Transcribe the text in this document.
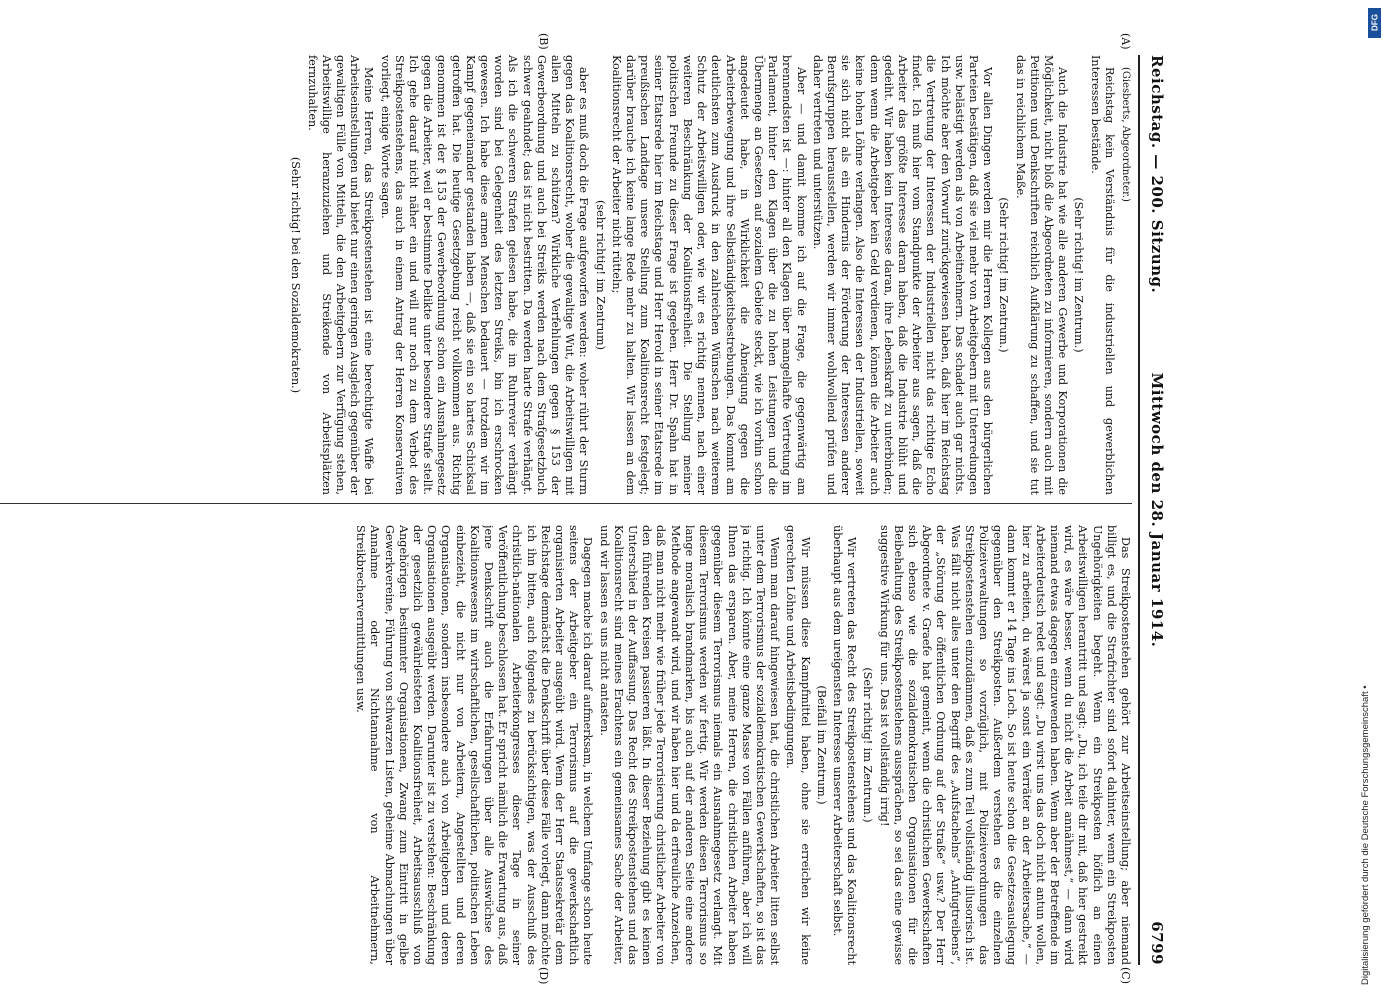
Reichstag. — 200. Sitzung.
Mittwoch den 28. Januar 1914.
6799
(A)
(B)
(C)
(D)

(Giesberts, Abgeordneter.)

Reichstag kein Verständnis für die industriellen und gewerblichen Interessen bestände.

(Sehr richtig! im Zentrum.)

Auch die Industrie hat wie alle anderen Gewerbe und Korporationen die Möglichkeit, nicht bloß die Abgeordneten zu informieren, sondern auch mit Petitionen und Denkschriften reichlich Aufklärung zu schaffen, und sie tut das in reichlichem Maße.

(Sehr richtig! im Zentrum.)

Vor allen Dingen werden mir die Herren Kollegen aus den bürgerlichen Parteien bestätigen, daß sie viel mehr von Arbeitgebern mit Unterredungen usw. belästigt werden als von Arbeitnehmern. Das schadet auch gar nichts. Ich möchte aber den Vorwurf zurückgewiesen haben, daß hier im Reichstag die Vertretung der Interessen der Industriellen nicht das richtige Echo findet. Ich muß hier vom Standpunkte der Arbeiter aus sagen, daß die Arbeiter das größte Interesse daran haben, daß die Industrie blüht und gedeiht. Wir haben kein Interesse daran, ihre Lebenskraft zu unterbinden; denn wenn die Arbeitgeber kein Geld verdienen, können die Arbeiter auch keine hohen Löhne verlangen. Also die Interessen der Industriellen, soweit sie sich nicht als ein Hindernis der Förderung der Interessen anderer Berufsgruppen herausstellen, werden wir immer wohlwollend prüfen und daher vertreten und unterstützen.

Aber — und damit komme ich auf die Frage, die gegenwärtig am brennendsten ist —: hinter all den Klagen über mangelhafte Vertretung im Parlament, hinter den Klagen über die zu hohen Leistungen und die Übermenge an Gesetzen auf sozialem Gebiete steckt, wie ich vorhin schon angedeutet habe, in Wirklichkeit die Abneigung gegen die Arbeiterbewegung und ihre Selbständigkeitsbestrebungen. Das kommt am deutlichsten zum Ausdruck in den zahlreichen Wünschen nach weiterem Schutz der Arbeitswilligen oder, wie wir es richtig nennen, nach einer weiteren Beschränkung der Koalitionsfreiheit. Die Stellung meiner politischen Freunde zu dieser Frage ist gegeben. Herr Dr. Spahn hat in seiner Etatsrede hier im Reichstage und Herr Herold in seiner Etatsrede im preußischen Landtage unsere Stellung zum Koalitionsrecht festgelegt; darüber brauche ich keine lange Rede mehr zu halten. Wir lassen an dem Koalitionsrecht der Arbeiter nicht rütteln;

(sehr richtig! im Zentrum)

aber es muß doch die Frage aufgeworfen werden: woher rührt der Sturm gegen das Koalitionsrecht, woher die gewaltige Wut, die Arbeitswilligen mit allen Mitteln zu schützen? Wirkliche Verfehlungen gegen § 153 der Gewerbeordnung und auch bei Streiks werden nach dem Strafgesetzbuch schwer geahndet; das ist nicht bestritten. Da werden harte Strafe verhängt. Als ich die schweren Strafen gelesen habe, die im Ruhrrevier verhängt worden sind bei Gelegenheit des letzten Streiks, bin ich erschrocken gewesen. Ich habe diese armen Menschen bedauert — trotzdem wir im Kampf gegeneinander gestanden haben —, daß sie ein so hartes Schicksal getroffen hat. Die heutige Gesetzgebung reicht vollkommen aus. Richtig genommen ist der § 153 der Gewerbeordnung schon ein Ausnahmegesetz gegen die Arbeiter, weil er bestimmte Delikte unter besondere Strafe stellt. Ich gehe darauf nicht näher ein und will nur noch zu dem Verbot des Streikpostenstehens, das auch in einem Antrag der Herren Konservativen vorliegt, einige Worte sagen.

Meine Herren, das Streikpostenstehen ist eine berechtigte Waffe bei Arbeitseinstellungen und bietet nur einen geringen Ausgleich gegenüber der gewaltigen Fülle von Mitteln, die den Arbeitgebern zur Verfügung stehen, Arbeitswillige heranzuziehen und Streikende von Arbeitsplätzen fernzuhalten.

(Sehr richtig! bei den Sozialdemokraten.)

Das Streikpostenstehen gehört zur Arbeitseinstellung; aber niemand billigt es, und die Strafrichter sind sofort dahinter, wenn ein Streikposten Ungehörigkeiten begeht. Wenn ein Streikposten höflich an einen Arbeitswilligen herantritt und sagt: „Du, ich teile dir mit, daß hier gestreikt wird, es wäre besser, wenn du nicht die Arbeit annähmest,“ — dann wird niemand etwas dagegen einzuwenden haben. Wenn aber der Betreffende im Arbeiterdeutsch redet und sagt: „Du wirst uns das doch nicht antun wollen, hier zu arbeiten, du wärest ja sonst ein Verräter an der Arbeitersache,“ — dann kommt er 14 Tage ins Loch. So ist heute schon die Gesetzesauslegung gegenüber den Streikposten. Außerdem verstehen es die einzelnen Polizeiverwaltungen so vorzüglich, mit Polizeiverordnungen das Streikpostenstehen einzudämmen, daß es zum Teil vollständig illusorisch ist. Was fällt nicht alles unter den Begriff des „Aufstachelns“ „Anfugtreibens“, der „Störung der öffentlichen Ordnung auf der Straße“ usw.? Der Herr Abgeordnete v. Graefe hat gemeint, wenn die christlichen Gewerkschaften sich ebenso wie die sozialdemokratischen Organisationen für die Beibehaltung des Streikpostenstehens aussprächen, so sei das eine gewisse suggestive Wirkung für uns. Das ist vollständig irrig!

(Sehr richtig! im Zentrum.)

Wir vertreten das Recht des Streikpostenstehens und das Koalitionsrecht überhaupt aus dem ureigensten Interesse unserer Arbeiterschaft selbst.

(Beifall im Zentrum.)

Wir müssen diese Kampfmittel haben, ohne sie erreichen wir keine gerechten Löhne und Arbeitsbedingungen.

Wenn man darauf hingewiesen hat, die christlichen Arbeiter litten selbst unter dem Terrorismus der sozialdemokratischen Gewerkschaften, so ist das ja richtig. Ich könnte eine ganze Masse von Fällen anführen, aber ich will Ihnen das ersparen. Aber, meine Herren, die christlichen Arbeiter haben gegenüber diesem Terrorismus niemals ein Ausnahmegesetz verlangt. Mit diesem Terrorismus werden wir fertig. Wir werden diesen Terrorismus so lange moralisch brandmarken, bis auch auf der anderen Seite eine andere Methode angewandt wird, und wir haben hier und da erfreuliche Anzeichen, daß man nicht mehr wie früher jede Terrorisierung christlicher Arbeiter von den führenden Kreisen passieren läßt. In dieser Beziehung gibt es keinen Unterschied in der Auffassung. Das Recht des Streikpostenstehens und das Koalitionsrecht sind meines Erachtens ein gemeinsames Sache der Arbeiter, und wir lassen es uns nicht antasten.

Dagegen mache ich darauf aufmerksam, in welchem Umfange schon heute seitens der Arbeitgeber ein Terrorismus auf die gewerkschaftlich organisierten Arbeiter ausgeübt wird. Wenn der Herr Staatssekretär dem Reichstage demnächst die Denkschrift über diese Fälle vorlegt, dann möchte ich ihn bitten, auch folgendes zu berücksichtigen, was der Ausschuß des christlich-nationalen Arbeiterkongresses dieser Tage in seiner Veröffentlichung beschlossen hat. Er spricht nämlich die Erwartung aus, daß jene Denkschrift auch die Erfahrungen über alle Auswüchse des Koalitionswesens im wirtschaftlichen, gesellschaftlichen, politischen Leben einbezieht, die nicht nur von Arbeitern, Angestellten und deren Organisationen, sondern insbesondere auch von Arbeitgebern und deren Organisationen ausgeübt werden. Darunter ist zu verstehen: Beschränkung der gesetzlich gewährleisteten Koalitionsfreiheit, Arbeitsausschluß von Angehörigen bestimmter Organisationen, Zwang zum Eintritt in gelbe Gewerkvereine, Führung von schwarzen Listen, geheime Abmachungen über Annahme oder Nichtannahme von Arbeitnehmern, Streikbrechervermittlungen usw.

DFG
Digitalisierung gefördert durch die Deutsche Forschungsgemeinschaft •
